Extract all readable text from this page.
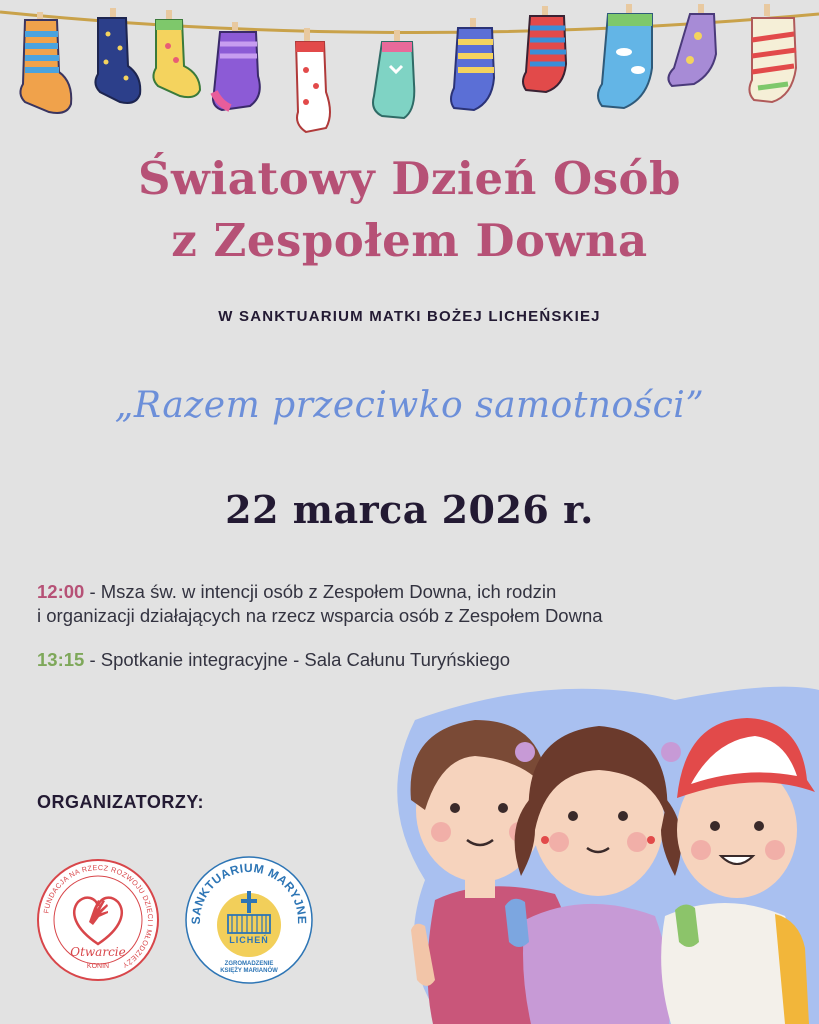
Światowy Dzień Osób
z Zespołem Downa
W SANKTUARIUM MATKI BOŻEJ LICHEŃSKIEJ
„Razem przeciwko samotności”
22 marca 2026 r.
12:00 - Msza św. w intencji osób z Zespołem Downa, ich rodzin
i organizacji działających na rzecz wsparcia osób z Zespołem Downa
13:15 - Spotkanie integracyjne - Sala Całunu Turyńskiego
ORGANIZATORZY:
FUNDACJA NA RZECZ ROZWOJU DZIECI I MŁODZIEŻY
Otwarcie
KONIN
SANKTUARIUM MARYJNE
LICHEŃ
ZGROMADZENIE
KSIĘŻY MARIANÓW
